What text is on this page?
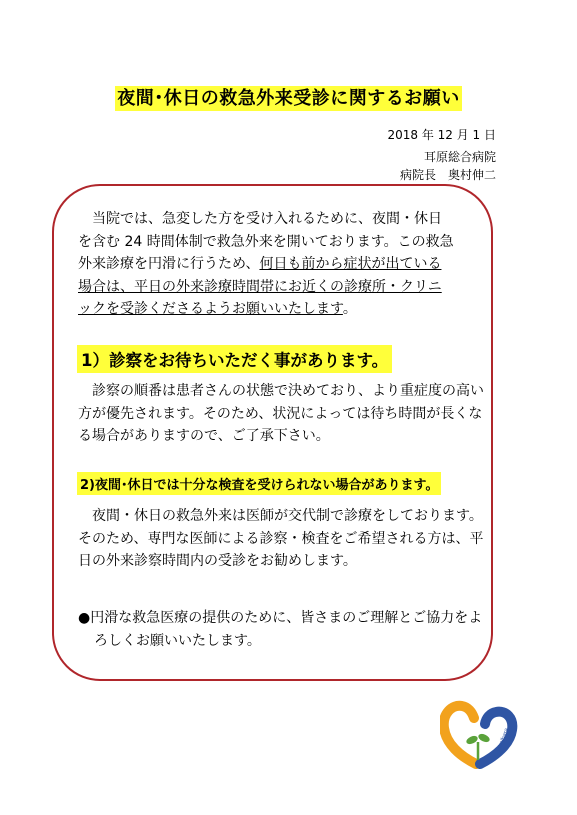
夜間･休日の救急外来受診に関するお願い
2018 年 12 月 1 日
耳原総合病院
病院長　奥村伸二
当院では、急変した方を受け入れるために、夜間・休日
を含む 24 時間体制で救急外来を開いております。この救急
外来診療を円滑に行うため、何日も前から症状が出ている
場合は、平日の外来診療時間帯にお近くの診療所・クリニ
ックを受診くださるようお願いいたします。
1）診察をお待ちいただく事があります。
診察の順番は患者さんの状態で決めており、より重症度の高い方が優先されます。そのため、状況によっては待ち時間が長くなる場合がありますので、ご了承下さい。
2)夜間･休日では十分な検査を受けられない場合があります。
夜間・休日の救急外来は医師が交代制で診療をしております。そのため、専門な医師による診察・検査をご希望される方は、平日の外来診察時間内の受診をお勧めします。
●円滑な救急医療の提供のために、皆さまのご理解とご協力をよろしくお願いいたします。
mimihara
